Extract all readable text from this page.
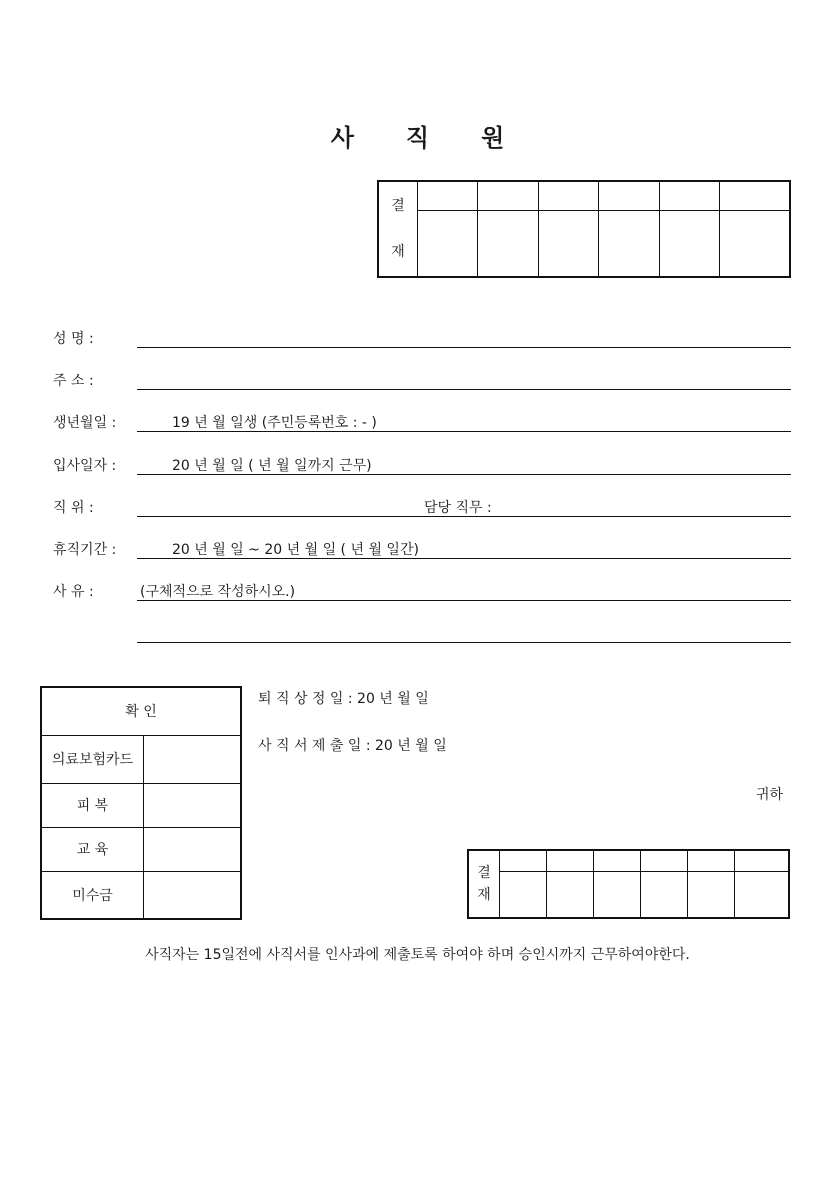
사 직 원
결
재						

성 명 :
주 소 :
생년월일 :	19 년 월 일생 (주민등록번호 : - )
입사일자 :	20 년 월 일 ( 년 월 일까지 근무)
직 위 :	담당 직무 :
휴직기간 :	20 년 월 일 ~ 20 년 월 일 ( 년 월 일간)
사 유 :	(구체적으로 작성하시오.)
확 인	
의료보험카드	
피 복	
교 육	
미수금	
퇴 직 상 정 일 : 20 년 월 일
사 직 서 제 출 일 : 20 년 월 일
귀하
결
재						

사직자는 15일전에 사직서를 인사과에 제출토록 하여야 하며 승인시까지 근무하여야한다.
